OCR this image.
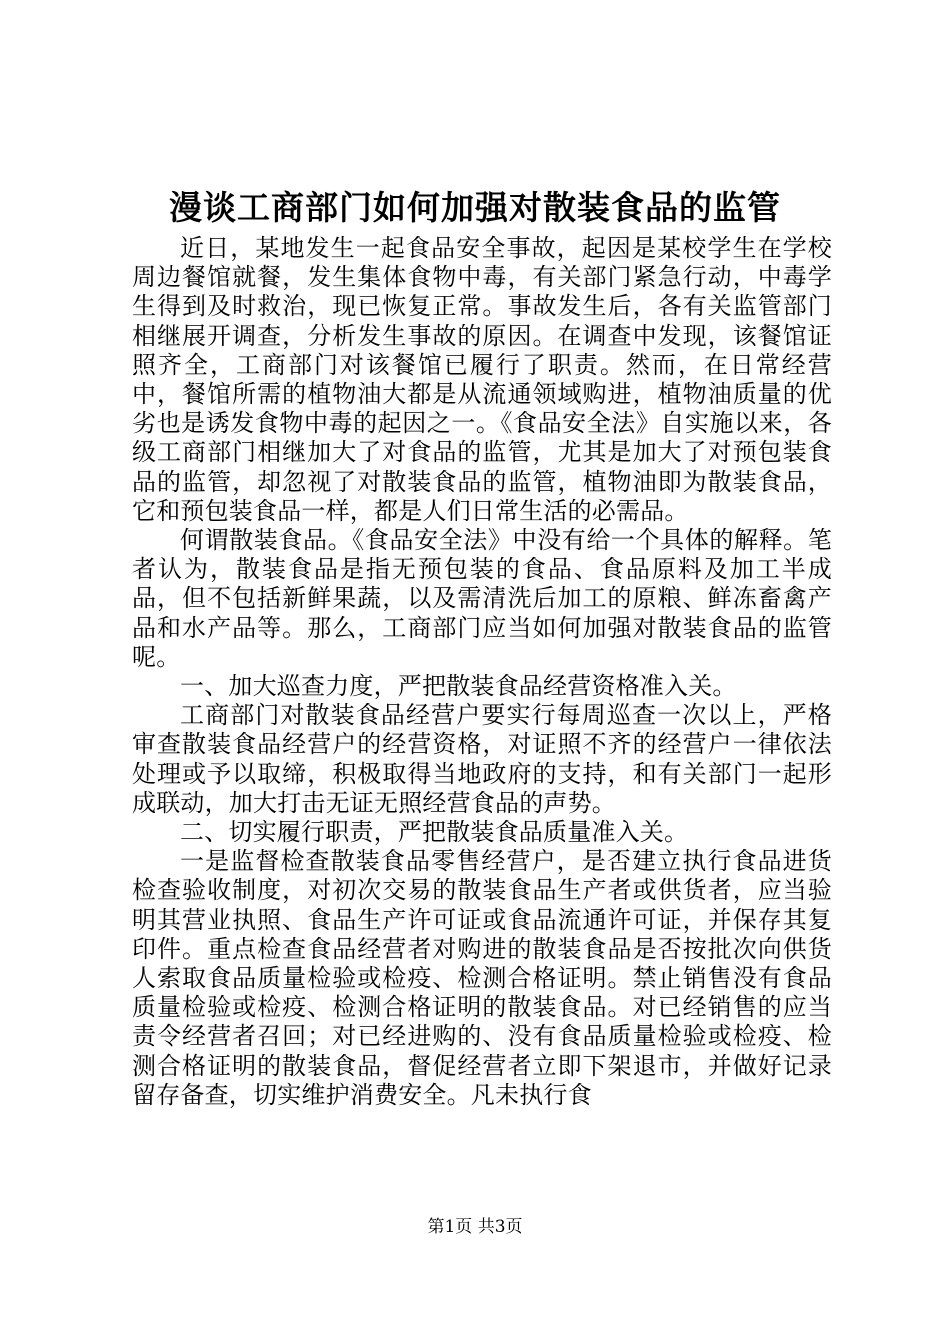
漫谈工商部门如何加强对散装食品的监管

近日，某地发生一起食品安全事故，起因是某校学生在学校周边餐馆就餐，发生集体食物中毒，有关部门紧急行动，中毒学生得到及时救治，现已恢复正常。事故发生后，各有关监管部门相继展开调查，分析发生事故的原因。在调查中发现，该餐馆证照齐全，工商部门对该餐馆已履行了职责。然而，在日常经营中，餐馆所需的植物油大都是从流通领域购进，植物油质量的优劣也是诱发食物中毒的起因之一。《食品安全法》自实施以来，各级工商部门相继加大了对食品的监管，尤其是加大了对预包装食品的监管，却忽视了对散装食品的监管，植物油即为散装食品，它和预包装食品一样，都是人们日常生活的必需品。

何谓散装食品。《食品安全法》中没有给一个具体的解释。笔者认为，散装食品是指无预包装的食品、食品原料及加工半成品，但不包括新鲜果蔬，以及需清洗后加工的原粮、鲜冻畜禽产品和水产品等。那么，工商部门应当如何加强对散装食品的监管呢。

一、加大巡查力度，严把散装食品经营资格准入关。

工商部门对散装食品经营户要实行每周巡查一次以上，严格审查散装食品经营户的经营资格，对证照不齐的经营户一律依法处理或予以取缔，积极取得当地政府的支持，和有关部门一起形成联动，加大打击无证无照经营食品的声势。

二、切实履行职责，严把散装食品质量准入关。

一是监督检查散装食品零售经营户，是否建立执行食品进货检查验收制度，对初次交易的散装食品生产者或供货者，应当验明其营业执照、食品生产许可证或食品流通许可证，并保存其复印件。重点检查食品经营者对购进的散装食品是否按批次向供货人索取食品质量检验或检疫、检测合格证明。禁止销售没有食品质量检验或检疫、检测合格证明的散装食品。对已经销售的应当责令经营者召回；对已经进购的、没有食品质量检验或检疫、检测合格证明的散装食品，督促经营者立即下架退市，并做好记录留存备查，切实维护消费安全。凡未执行食

第1页 共3页
